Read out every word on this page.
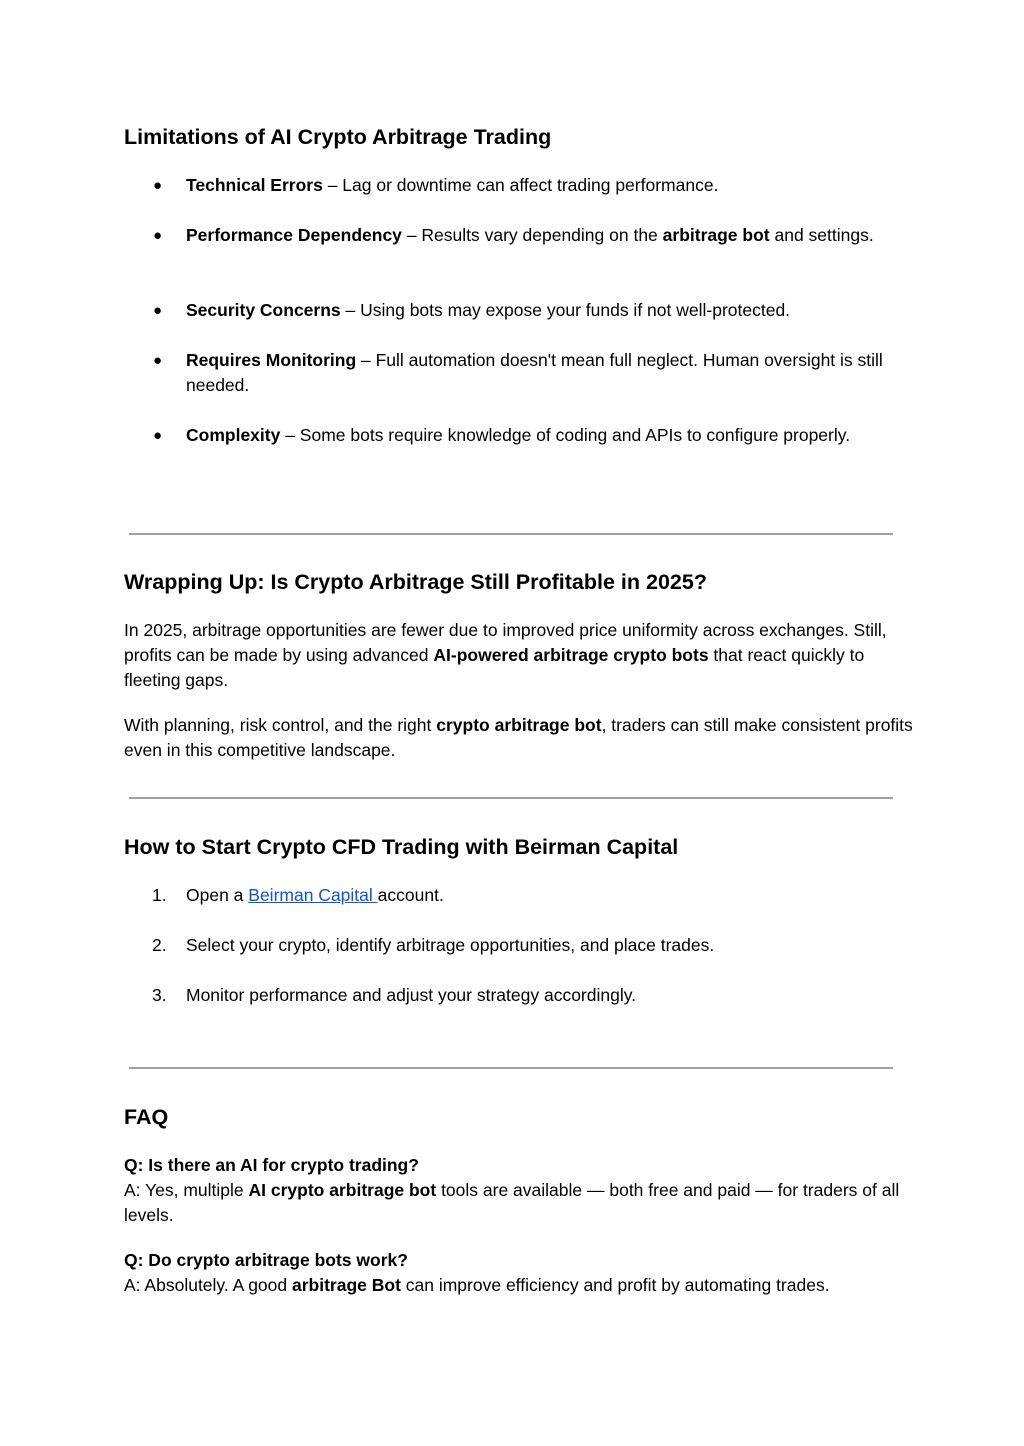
Limitations of AI Crypto Arbitrage Trading
●	Technical Errors – Lag or downtime can affect trading performance.

●	Performance Dependency – Results vary depending on the arbitrage bot and settings.

●	Security Concerns – Using bots may expose your funds if not well-protected.

●	Requires Monitoring – Full automation doesn't mean full neglect. Human oversight is still needed.

●	Complexity – Some bots require knowledge of coding and APIs to configure properly.

Wrapping Up: Is Crypto Arbitrage Still Profitable in 2025?

In 2025, arbitrage opportunities are fewer due to improved price uniformity across exchanges. Still, profits can be made by using advanced AI-powered arbitrage crypto bots that react quickly to fleeting gaps.

With planning, risk control, and the right crypto arbitrage bot, traders can still make consistent profits even in this competitive landscape.

How to Start Crypto CFD Trading with Beirman Capital
1.	Open a Beirman Capital account.

2.	Select your crypto, identify arbitrage opportunities, and place trades.

3.	Monitor performance and adjust your strategy accordingly.

FAQ

Q: Is there an AI for crypto trading?
A: Yes, multiple AI crypto arbitrage bot tools are available — both free and paid — for traders of all levels.

Q: Do crypto arbitrage bots work?
A: Absolutely. A good arbitrage Bot can improve efficiency and profit by automating trades.
